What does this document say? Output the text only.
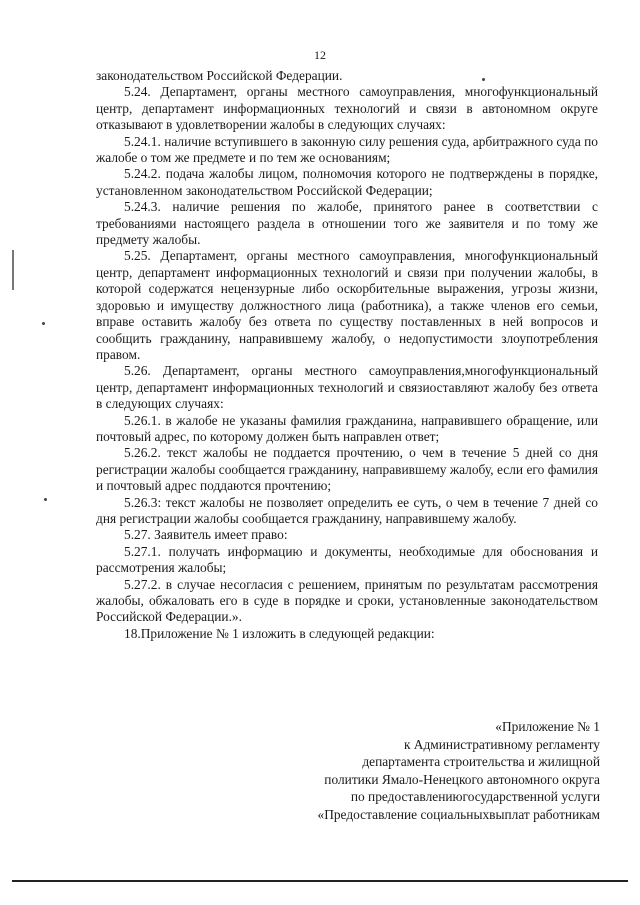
12

законодательством Российской Федерации.

5.24. Департамент, органы местного самоуправления, многофункциональный центр, департамент информационных технологий и связи в автономном округе отказывают в удовлетворении жалобы в следующих случаях:

5.24.1. наличие вступившего в законную силу решения суда, арбитражного суда по жалобе о том же предмете и по тем же основаниям;

5.24.2. подача жалобы лицом, полномочия которого не подтверждены в порядке, установленном законодательством Российской Федерации;

5.24.3. наличие решения по жалобе, принятого ранее в соответствии с требованиями настоящего раздела в отношении того же заявителя и по тому же предмету жалобы.

5.25. Департамент, органы местного самоуправления, многофункциональный центр, департамент информационных технологий и связи при получении жалобы, в которой содержатся нецензурные либо оскорбительные выражения, угрозы жизни, здоровью и имуществу должностного лица (работника), а также членов его семьи, вправе оставить жалобу без ответа по существу поставленных в ней вопросов и сообщить гражданину, направившему жалобу, о недопустимости злоупотребления правом.

5.26. Департамент, органы местного самоуправления,многофункциональный центр, департамент информационных технологий и связиоставляют жалобу без ответа в следующих случаях:

5.26.1. в жалобе не указаны фамилия гражданина, направившего обращение, или почтовый адрес, по которому должен быть направлен ответ;

5.26.2. текст жалобы не поддается прочтению, о чем в течение 5 дней со дня регистрации жалобы сообщается гражданину, направившему жалобу, если его фамилия и почтовый адрес поддаются прочтению;

5.26.3: текст жалобы не позволяет определить ее суть, о чем в течение 7 дней со дня регистрации жалобы сообщается гражданину, направившему жалобу.

5.27. Заявитель имеет право:

5.27.1. получать информацию и документы, необходимые для обоснования и рассмотрения жалобы;

5.27.2. в случае несогласия с решением, принятым по результатам рассмотрения жалобы, обжаловать его в суде в порядке и сроки, установленные законодательством Российской Федерации.».

18.Приложение № 1 изложить в следующей редакции:

«Приложение № 1
к Административному регламенту
департамента строительства и жилищной
политики Ямало-Ненецкого автономного округа
по предоставлениюгосударственной услуги
«Предоставление социальныхвыплат работникам
